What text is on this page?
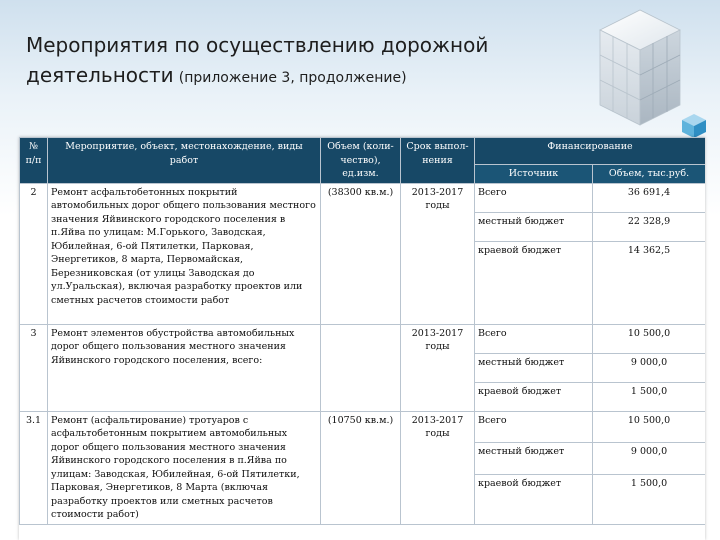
Мероприятия по осуществлению дорожной
деятельности (приложение 3, продолжение)
№ п/п	Мероприятие, объект, местонахождение, виды работ	Объем (коли-чество), ед.изм.	Срок выпол-нения	Финансирование	
				Источник	Объем, тыс.руб.
2	Ремонт асфальтобетонных покрытий автомобильных дорог общего пользования местного значения Яйвинского городского поселения в п.Яйва по улицам: М.Горького, Заводская, Юбилейная, 6-ой Пятилетки, Парковая, Энергетиков, 8 марта, Первомайская, Березниковская (от улицы Заводская до ул.Уральская), включая разработку проектов или сметных расчетов стоимости работ	(38300 кв.м.)	2013-2017 годы	Всего	36 691,4
				местный бюджет	22 328,9
				краевой бюджет	14 362,5
3	Ремонт элементов обустройства автомобильных дорог общего пользования местного значения Яйвинского городского поселения, всего:		2013-2017 годы	Всего	10 500,0
				местный бюджет	9 000,0
				краевой бюджет	1 500,0
3.1	Ремонт (асфальтирование) тротуаров с асфальтобетонным покрытием автомобильных дорог общего пользования местного значения Яйвинского городского поселения в п.Яйва по улицам: Заводская, Юбилейная, 6-ой Пятилетки, Парковая, Энергетиков, 8 Марта (включая разработку проектов или сметных расчетов стоимости работ)	(10750 кв.м.)	2013-2017 годы	Всего	10 500,0
				местный бюджет	9 000,0
				краевой бюджет	1 500,0
